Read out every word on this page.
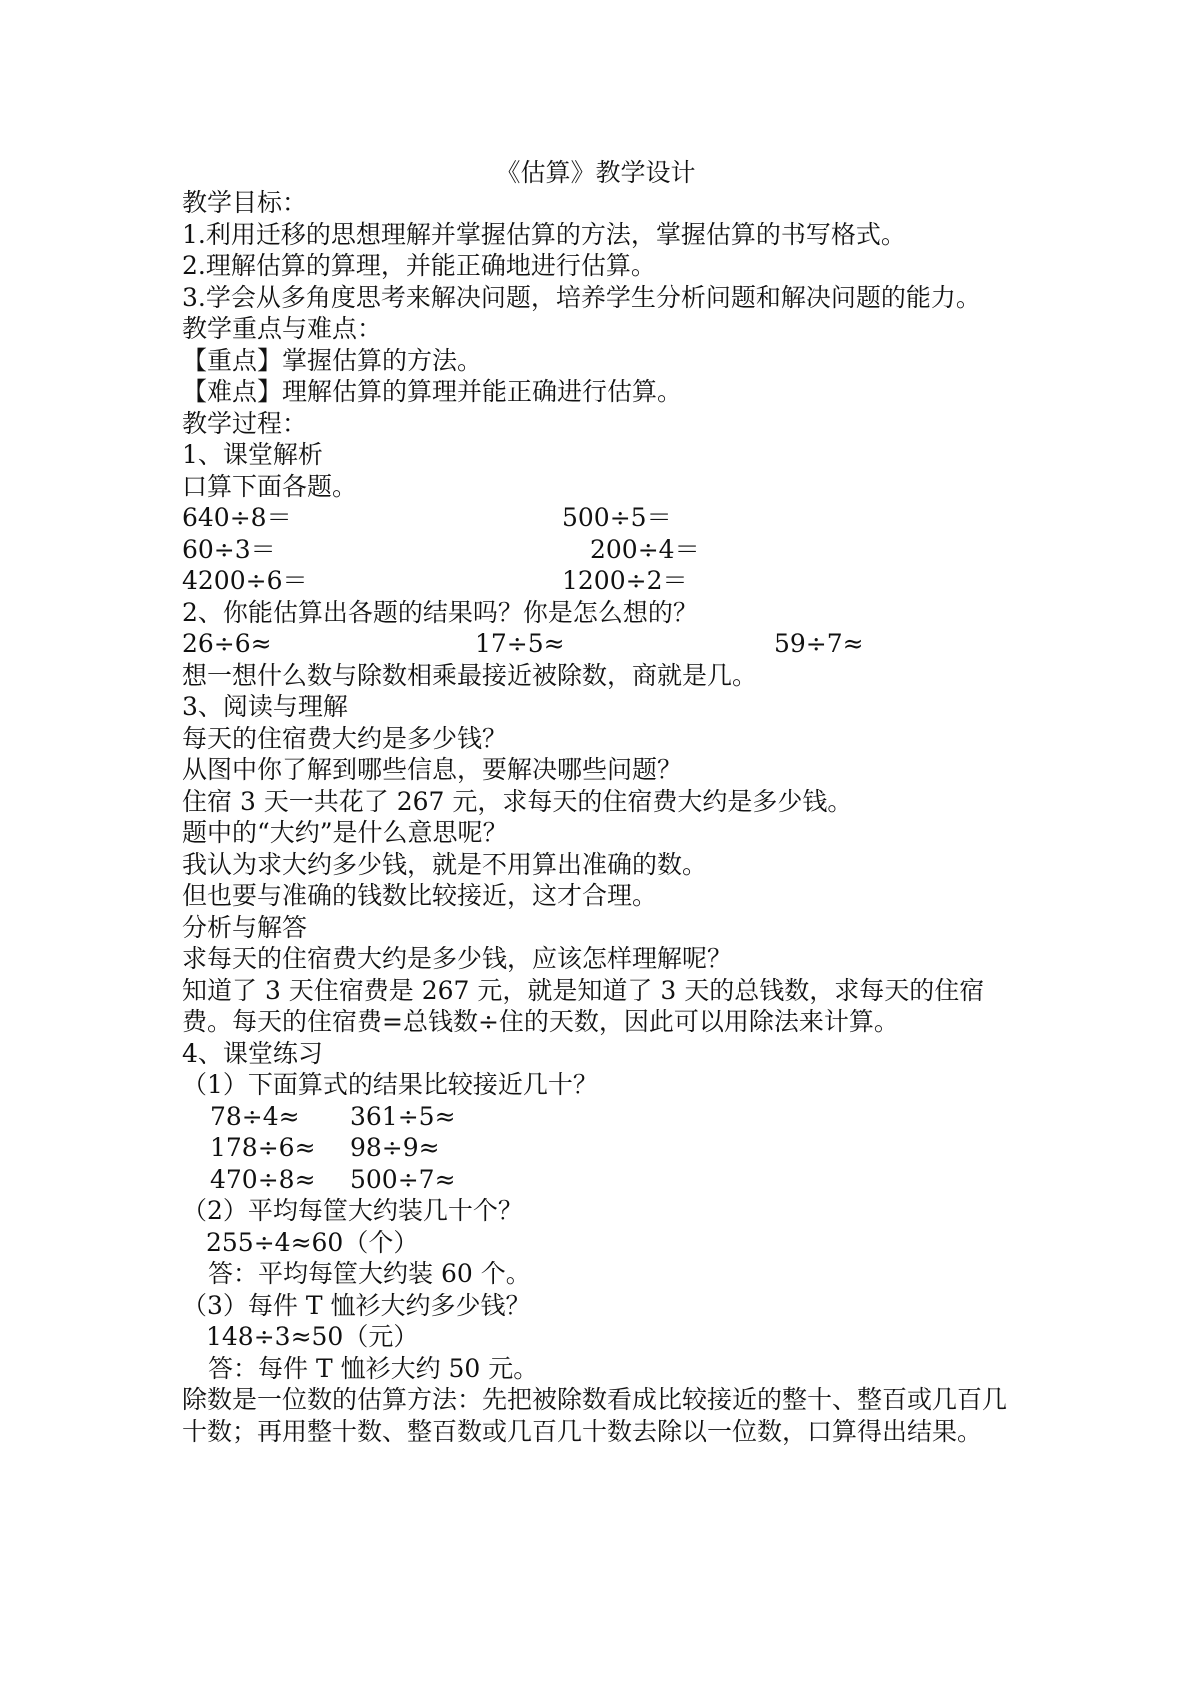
《估算》教学设计
教学目标：
1.利用迁移的思想理解并掌握估算的方法，掌握估算的书写格式。
2.理解估算的算理，并能正确地进行估算。
3.学会从多角度思考来解决问题，培养学生分析问题和解决问题的能力。
教学重点与难点：
【重点】掌握估算的方法。
【难点】理解估算的算理并能正确进行估算。
教学过程：
1、课堂解析
口算下面各题。
640÷8＝	500÷5＝
60÷3＝	200÷4＝
4200÷6＝	1200÷2＝
2、你能估算出各题的结果吗？你是怎么想的？
26÷6≈	17÷5≈	59÷7≈
想一想什么数与除数相乘最接近被除数，商就是几。
3、阅读与理解
每天的住宿费大约是多少钱？
从图中你了解到哪些信息，要解决哪些问题？
住宿 3 天一共花了 267 元，求每天的住宿费大约是多少钱。
题中的“大约”是什么意思呢？
我认为求大约多少钱，就是不用算出准确的数。
但也要与准确的钱数比较接近，这才合理。
分析与解答
求每天的住宿费大约是多少钱，应该怎样理解呢？
知道了 3 天住宿费是 267 元，就是知道了 3 天的总钱数，求每天的住宿费。每天的住宿费=总钱数÷住的天数，因此可以用除法来计算。
4、课堂练习
（1）下面算式的结果比较接近几十？
78÷4≈ 361÷5≈
178÷6≈ 98÷9≈
470÷8≈ 500÷7≈
（2）平均每筐大约装几十个？
255÷4≈60（个）
答：平均每筐大约装 60 个。
（3）每件 T 恤衫大约多少钱？
148÷3≈50（元）
答：每件 T 恤衫大约 50 元。
除数是一位数的估算方法：先把被除数看成比较接近的整十、整百或几百几十数；再用整十数、整百数或几百几十数去除以一位数，口算得出结果。
